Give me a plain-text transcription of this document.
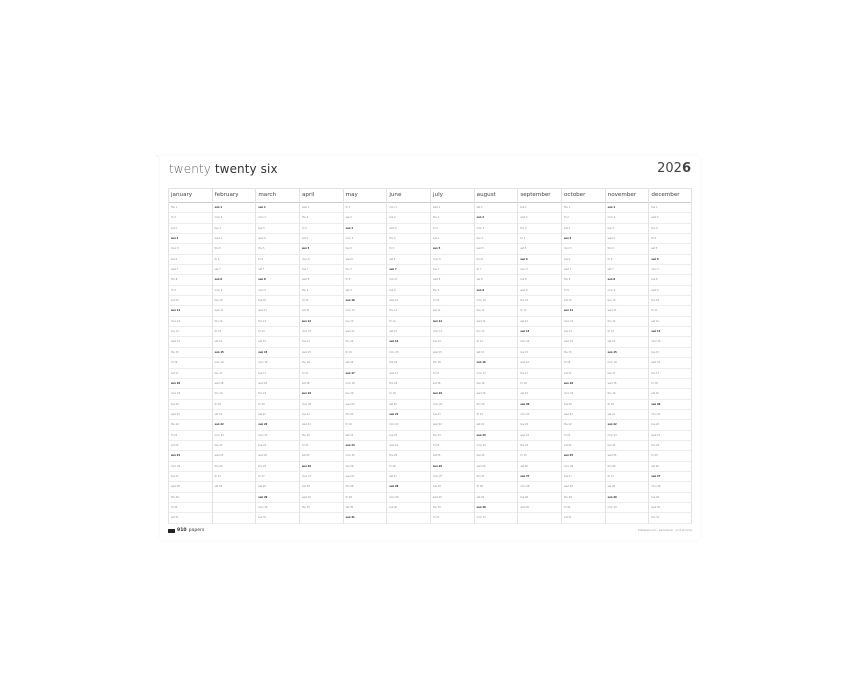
⌐
twenty twenty six	2026
january
thu 1
fri 2
sat 3
sun 4
mon 5
tue 6
wed 7
thu 8
fri 9
sat 10
sun 11
mon 12
tue 13
wed 14
thu 15
fri 16
sat 17
sun 18
mon 19
tue 20
wed 21
thu 22
fri 23
sat 24
sun 25
mon 26
tue 27
wed 28
thu 29
fri 30
sat 31
february
sun 1
mon 2
tue 3
wed 4
thu 5
fri 6
sat 7
sun 8
mon 9
tue 10
wed 11
thu 12
fri 13
sat 14
sun 15
mon 16
tue 17
wed 18
thu 19
fri 20
sat 21
sun 22
mon 23
tue 24
wed 25
thu 26
fri 27
sat 28
march
sun 1
mon 2
tue 3
wed 4
thu 5
fri 6
sat 7
sun 8
mon 9
tue 10
wed 11
thu 12
fri 13
sat 14
sun 15
mon 16
tue 17
wed 18
thu 19
fri 20
sat 21
sun 22
mon 23
tue 24
wed 25
thu 26
fri 27
sat 28
sun 29
mon 30
tue 31
april
wed 1
thu 2
fri 3
sat 4
sun 5
mon 6
tue 7
wed 8
thu 9
fri 10
sat 11
sun 12
mon 13
tue 14
wed 15
thu 16
fri 17
sat 18
sun 19
mon 20
tue 21
wed 22
thu 23
fri 24
sat 25
sun 26
mon 27
tue 28
wed 29
thu 30
may
fri 1
sat 2
sun 3
mon 4
tue 5
wed 6
thu 7
fri 8
sat 9
sun 10
mon 11
tue 12
wed 13
thu 14
fri 15
sat 16
sun 17
mon 18
tue 19
wed 20
thu 21
fri 22
sat 23
sun 24
mon 25
tue 26
wed 27
thu 28
fri 29
sat 30
sun 31
june
mon 1
tue 2
wed 3
thu 4
fri 5
sat 6
sun 7
mon 8
tue 9
wed 10
thu 11
fri 12
sat 13
sun 14
mon 15
tue 16
wed 17
thu 18
fri 19
sat 20
sun 21
mon 22
tue 23
wed 24
thu 25
fri 26
sat 27
sun 28
mon 29
tue 30
july
wed 1
thu 2
fri 3
sat 4
sun 5
mon 6
tue 7
wed 8
thu 9
fri 10
sat 11
sun 12
mon 13
tue 14
wed 15
thu 16
fri 17
sat 18
sun 19
mon 20
tue 21
wed 22
thu 23
fri 24
sat 25
sun 26
mon 27
tue 28
wed 29
thu 30
fri 31
august
sat 1
sun 2
mon 3
tue 4
wed 5
thu 6
fri 7
sat 8
sun 9
mon 10
tue 11
wed 12
thu 13
fri 14
sat 15
sun 16
mon 17
tue 18
wed 19
thu 20
fri 21
sat 22
sun 23
mon 24
tue 25
wed 26
thu 27
fri 28
sat 29
sun 30
mon 31
september
tue 1
wed 2
thu 3
fri 4
sat 5
sun 6
mon 7
tue 8
wed 9
thu 10
fri 11
sat 12
sun 13
mon 14
tue 15
wed 16
thu 17
fri 18
sat 19
sun 20
mon 21
tue 22
wed 23
thu 24
fri 25
sat 26
sun 27
mon 28
tue 29
wed 30
october
thu 1
fri 2
sat 3
sun 4
mon 5
tue 6
wed 7
thu 8
fri 9
sat 10
sun 11
mon 12
tue 13
wed 14
thu 15
fri 16
sat 17
sun 18
mon 19
tue 20
wed 21
thu 22
fri 23
sat 24
sun 25
mon 26
tue 27
wed 28
thu 29
fri 30
sat 31
november
sun 1
mon 2
tue 3
wed 4
thu 5
fri 6
sat 7
sun 8
mon 9
tue 10
wed 11
thu 12
fri 13
sat 14
sun 15
mon 16
tue 17
wed 18
thu 19
fri 20
sat 21
sun 22
mon 23
tue 24
wed 25
thu 26
fri 27
sat 28
sun 29
mon 30
december
tue 1
wed 2
thu 3
fri 4
sat 5
sun 6
mon 7
tue 8
wed 9
thu 10
fri 11
sat 12
sun 13
mon 14
tue 15
wed 16
thu 17
fri 18
sat 19
sun 20
mon 21
tue 22
wed 23
thu 24
fri 25
sat 26
sun 27
mon 28
tue 29
wed 30
thu 31
910 papers	910papers.com · wall planner · print at home
